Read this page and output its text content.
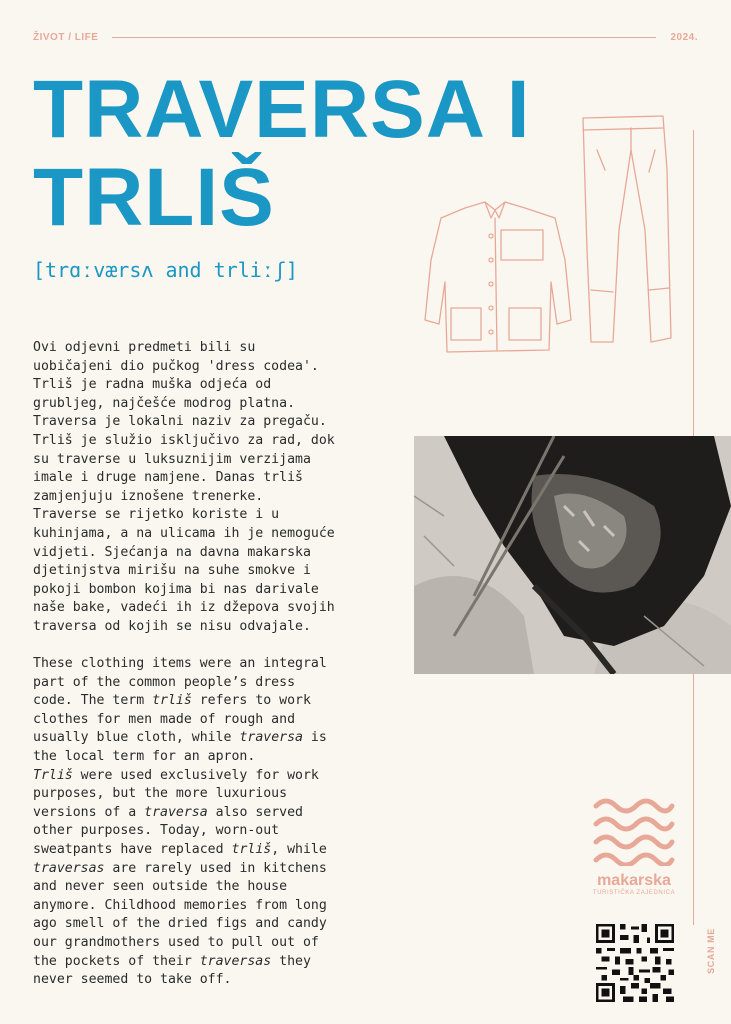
ŽIVOT / LIFE	2024.
TRAVERSA I
TRLIŠ
[trɑːværsʌ and trliːʃ]

Ovi odjevni predmeti bili su
uobičajeni dio pučkog 'dress codea'.
Trliš je radna muška odjeća od
grubljeg, najčešće modrog platna.
Traversa je lokalni naziv za pregaču.
Trliš je služio isključivo za rad, dok
su traverse u luksuznijim verzijama
imale i druge namjene. Danas trliš
zamjenjuju iznošene trenerke.
Traverse se rijetko koriste i u
kuhinjama, a na ulicama ih je nemoguće
vidjeti. Sjećanja na davna makarska
djetinjstva mirišu na suhe smokve i
pokoji bombon kojima bi nas darivale
naše bake, vadeći ih iz džepova svojih
traversa od kojih se nisu odvajale.

These clothing items were an integral
part of the common people’s dress
code. The term trliš refers to work
clothes for men made of rough and
usually blue cloth, while traversa is
the local term for an apron.
Trliš were used exclusively for work
purposes, but the more luxurious
versions of a traversa also served
other purposes. Today, worn-out
sweatpants have replaced trliš, while
traversas are rarely used in kitchens
and never seen outside the house
anymore. Childhood memories from long
ago smell of the dried figs and candy
our grandmothers used to pull out of
the pockets of their traversas they
never seemed to take off.

makarska
TURISTIČKA ZAJEDNICA
SCAN ME
